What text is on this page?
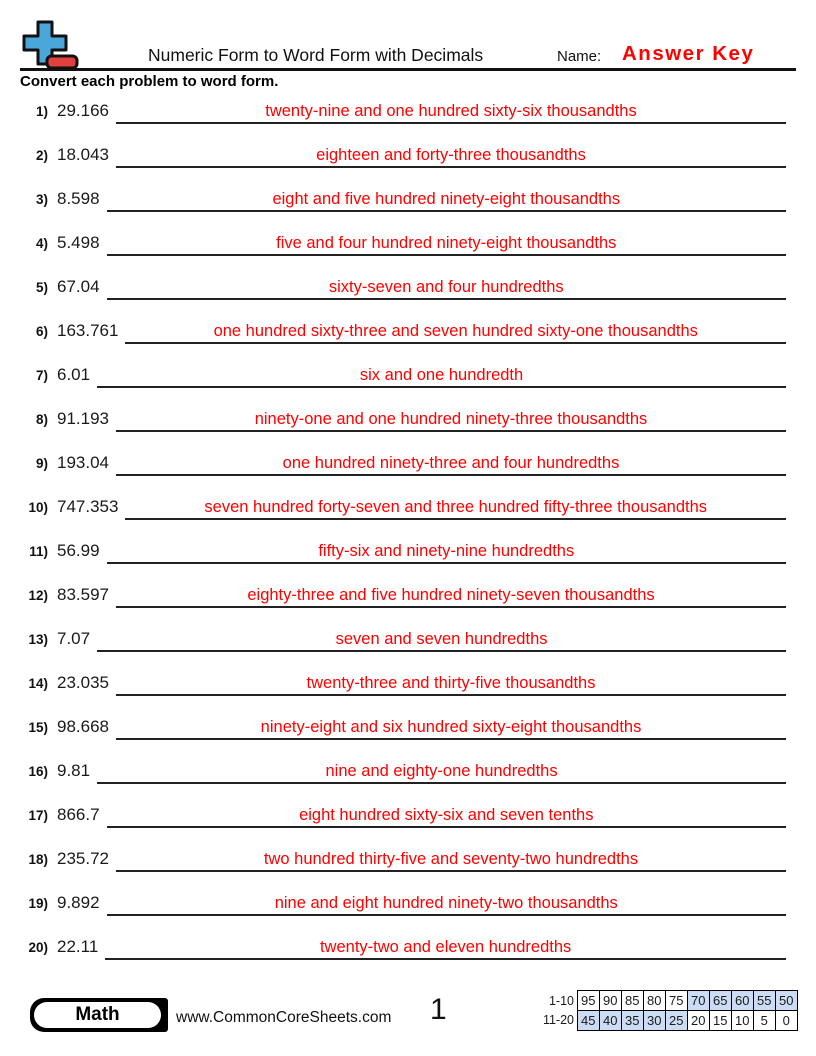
Numeric Form to Word Form with Decimals	Name: Answer Key
Convert each problem to word form.
1) 29.166	twenty-nine and one hundred sixty-six thousandths
2) 18.043	eighteen and forty-three thousandths
3) 8.598	eight and five hundred ninety-eight thousandths
4) 5.498	five and four hundred ninety-eight thousandths
5) 67.04	sixty-seven and four hundredths
6) 163.761	one hundred sixty-three and seven hundred sixty-one thousandths
7) 6.01	six and one hundredth
8) 91.193	ninety-one and one hundred ninety-three thousandths
9) 193.04	one hundred ninety-three and four hundredths
10) 747.353	seven hundred forty-seven and three hundred fifty-three thousandths
11) 56.99	fifty-six and ninety-nine hundredths
12) 83.597	eighty-three and five hundred ninety-seven thousandths
13) 7.07	seven and seven hundredths
14) 23.035	twenty-three and thirty-five thousandths
15) 98.668	ninety-eight and six hundred sixty-eight thousandths
16) 9.81	nine and eighty-one hundredths
17) 866.7	eight hundred sixty-six and seven tenths
18) 235.72	two hundred thirty-five and seventy-two hundredths
19) 9.892	nine and eight hundred ninety-two thousandths
20) 22.11	twenty-two and eleven hundredths
Math	www.CommonCoreSheets.com 1	1-10 95 90 85 80 75 70 65 60 55 50
11-20 45 40 35 30 25 20 15 10 5	0
